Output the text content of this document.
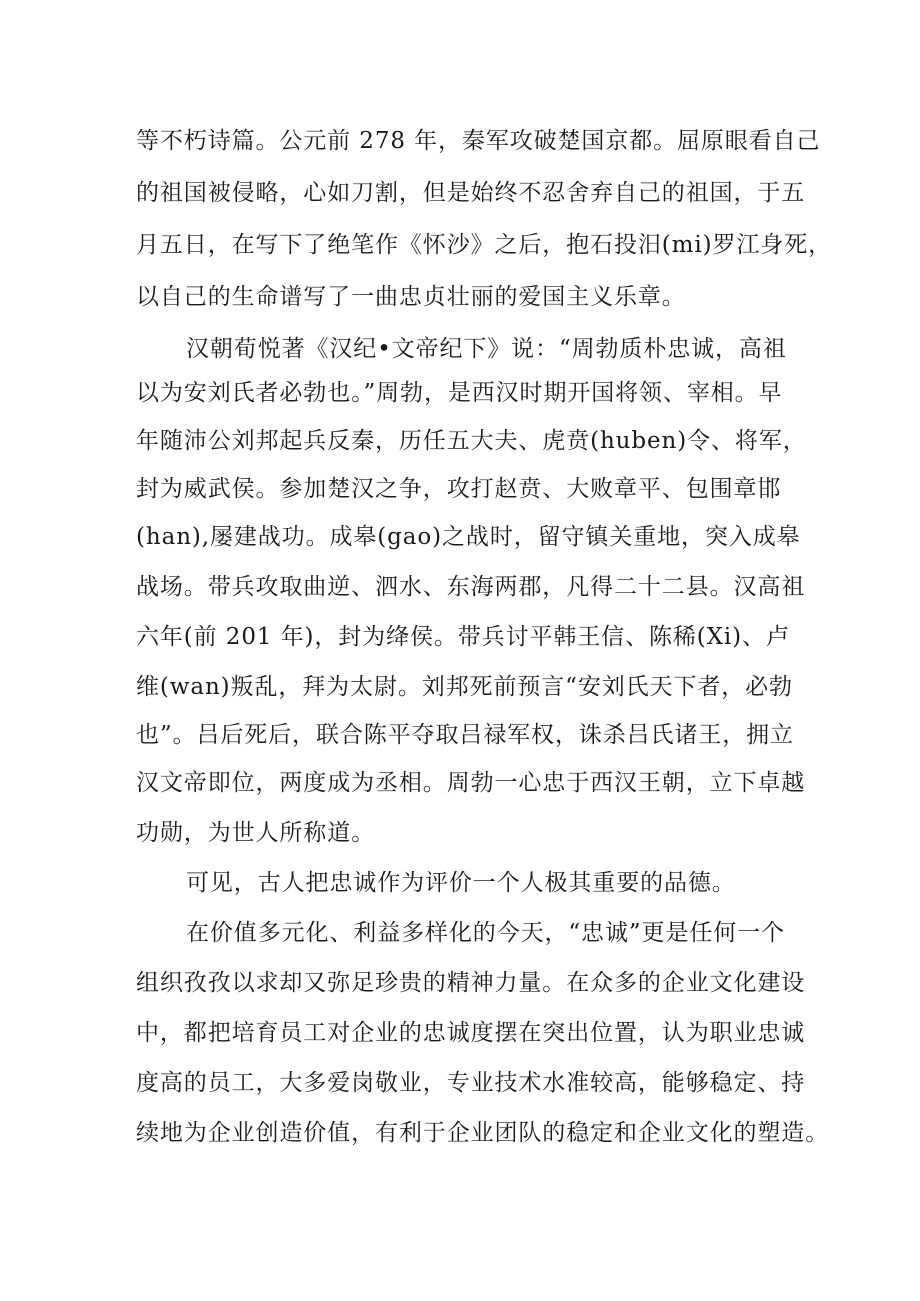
等不朽诗篇。公元前 278 年，秦军攻破楚国京都。屈原眼看自己
的祖国被侵略，心如刀割，但是始终不忍舍弃自己的祖国，于五
月五日，在写下了绝笔作《怀沙》之后，抱石投汨(mi)罗江身死，
以自己的生命谱写了一曲忠贞壮丽的爱国主义乐章。
汉朝荀悦著《汉纪•文帝纪下》说：“周勃质朴忠诚，高祖
以为安刘氏者必勃也。”周勃，是西汉时期开国将领、宰相。早
年随沛公刘邦起兵反秦，历任五大夫、虎贲(huben)令、将军，
封为威武侯。参加楚汉之争，攻打赵贲、大败章平、包围章邯
(han),屡建战功。成皋(gao)之战时，留守镇关重地，突入成皋
战场。带兵攻取曲逆、泗水、东海两郡，凡得二十二县。汉高祖
六年(前 201 年)，封为绛侯。带兵讨平韩王信、陈稀(Xi)、卢
维(wan)叛乱，拜为太尉。刘邦死前预言“安刘氏天下者，必勃
也”。吕后死后，联合陈平夺取吕禄军权，诛杀吕氏诸王，拥立
汉文帝即位，两度成为丞相。周勃一心忠于西汉王朝，立下卓越
功勋，为世人所称道。
可见，古人把忠诚作为评价一个人极其重要的品德。
在价值多元化、利益多样化的今天，“忠诚”更是任何一个
组织孜孜以求却又弥足珍贵的精神力量。在众多的企业文化建设
中，都把培育员工对企业的忠诚度摆在突出位置，认为职业忠诚
度高的员工，大多爱岗敬业，专业技术水准较高，能够稳定、持
续地为企业创造价值，有利于企业团队的稳定和企业文化的塑造。
